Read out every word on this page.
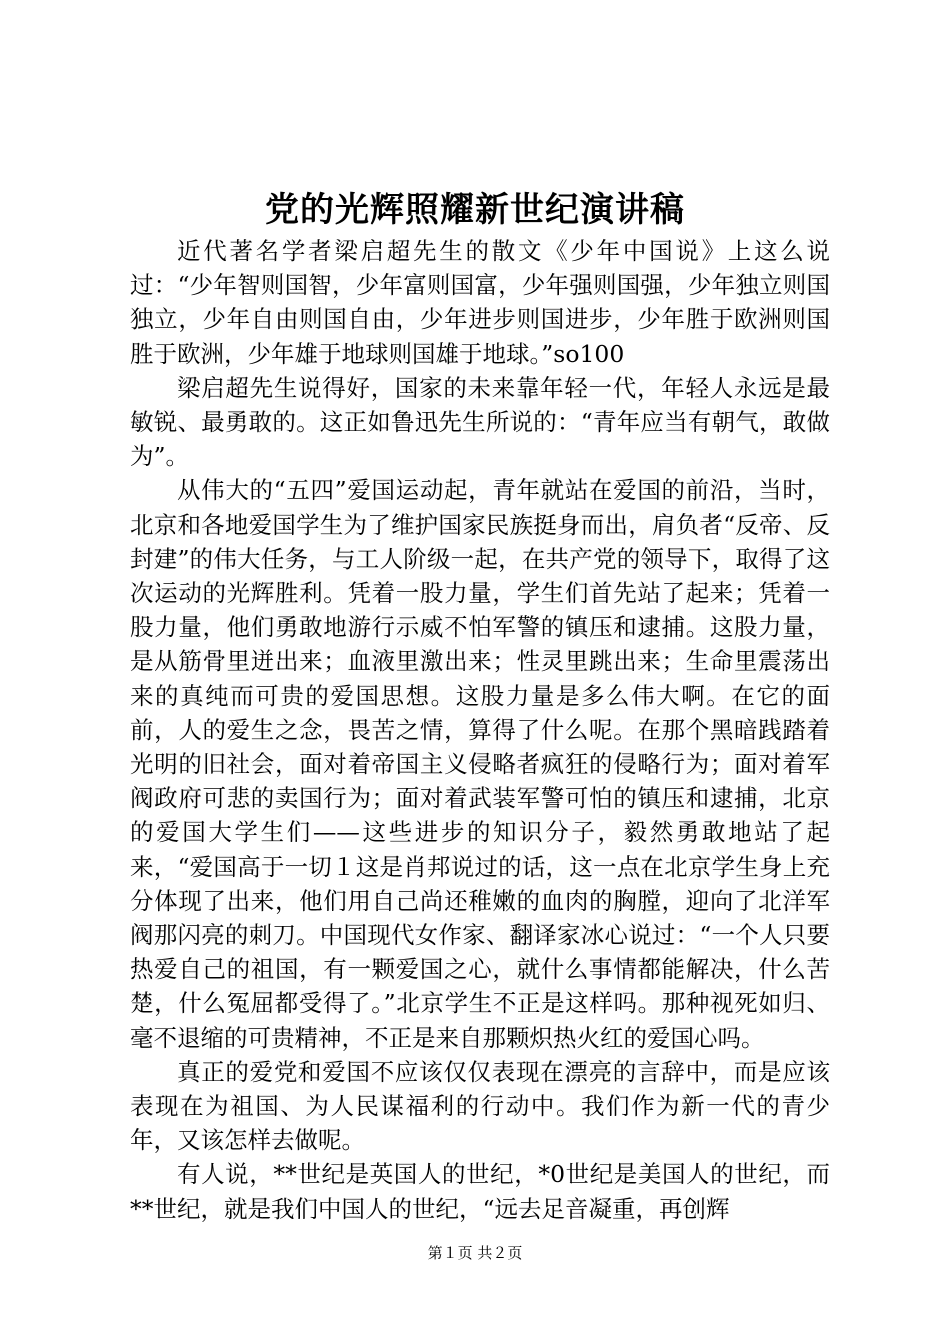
党的光辉照耀新世纪演讲稿

近代著名学者梁启超先生的散文《少年中国说》上这么说过：“少年智则国智，少年富则国富，少年强则国强，少年独立则国独立，少年自由则国自由，少年进步则国进步，少年胜于欧洲则国胜于欧洲，少年雄于地球则国雄于地球。”so100

梁启超先生说得好，国家的未来靠年轻一代，年轻人永远是最敏锐、最勇敢的。这正如鲁迅先生所说的：“青年应当有朝气，敢做为”。

从伟大的“五四”爱国运动起，青年就站在爱国的前沿，当时，北京和各地爱国学生为了维护国家民族挺身而出，肩负者“反帝、反封建”的伟大任务，与工人阶级一起，在共产党的领导下，取得了这次运动的光辉胜利。凭着一股力量，学生们首先站了起来；凭着一股力量，他们勇敢地游行示威不怕军警的镇压和逮捕。这股力量，是从筋骨里迸出来；血液里激出来；性灵里跳出来；生命里震荡出来的真纯而可贵的爱国思想。这股力量是多么伟大啊。在它的面前，人的爱生之念，畏苦之情，算得了什么呢。在那个黑暗践踏着光明的旧社会，面对着帝国主义侵略者疯狂的侵略行为；面对着军阀政府可悲的卖国行为；面对着武装军警可怕的镇压和逮捕，北京的爱国大学生们——这些进步的知识分子，毅然勇敢地站了起来，“爱国高于一切１这是肖邦说过的话，这一点在北京学生身上充分体现了出来，他们用自己尚还稚嫩的血肉的胸膛，迎向了北洋军阀那闪亮的刺刀。中国现代女作家、翻译家冰心说过：“一个人只要热爱自己的祖国，有一颗爱国之心，就什么事情都能解决，什么苦楚，什么冤屈都受得了。”北京学生不正是这样吗。那种视死如归、毫不退缩的可贵精神，不正是来自那颗炽热火红的爱国心吗。

真正的爱党和爱国不应该仅仅表现在漂亮的言辞中，而是应该表现在为祖国、为人民谋福利的行动中。我们作为新一代的青少年，又该怎样去做呢。

有人说，**世纪是英国人的世纪，*0世纪是美国人的世纪，而**世纪，就是我们中国人的世纪，“远去足音凝重，再创辉

第１页 共２页
